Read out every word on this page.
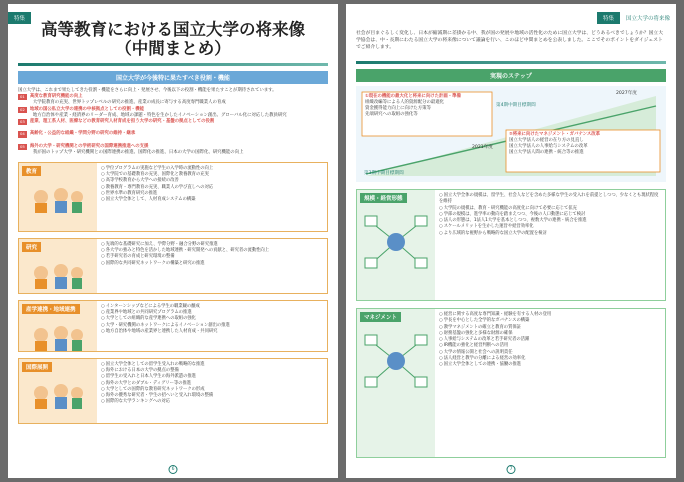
特集
高等教育における国立大学の将来像
（中間まとめ）
国立大学が今後特に果たすべき役割・機能
国立大学は、これまで果たしてきた役割・機能をさらに向上・発展させ、今後以下の役割・機能を果たすことが期待されています。
01	高度な教育研究機能の向上
大学院教育の充実、世界トップレベルの研究の推進、産業の成長に寄与する高度専門職業人の育成
02	地域の国公私立大学の連携の中核拠点としての役割・機能
地方自治体や産業・経済界のリーダー育成、地域の課題・特色を生かしたイノベーション創出、グローバル化に対応した教員研究
03	産業、理工系人材、医療などの教育研究人材育成を担う大学の研究・基盤の拠点としての役割

04	高齢化・公益的な組織・学問分野の研究の維持・継承

05	海外の大学・研究機関との学術研究の国際連携推進への支援
我が国のトップ大学・研究機関との国際連携の推進、国際化の推進、日本の大学の国際化、研究機能の向上
教育
○ 学位プログラムの実施など学生の入学時の流動性の向上
○ 大学院での基礎教育の充実、国際化と教養教育の充実
○ 高等学校教育から大学への接続の改善
○ 教養教育・専門教育の充実、職業人の学び直しへの対応
○ 世界水準の教育研究の推進
○ 国立大学全体として、人材育成システムの構築
研究
○ 先端的な基礎研究に加え、学際分野・融合分野の研究推進
○ 各大学の強みと特色を活かした地域連携・研究開発への貢献と、研究者の流動性向上
○ 若手研究者の育成と研究環境の整備
○ 国際的な共同研究ネットワークの構築と研究の推進
産学連携・地域連携
○ インターンシップなどによる学生の職業観の醸成
○ 産業界や地域との共同研究プログラムの推進
○ 大学としての組織的な産学連携への取組の強化
○ 大学・研究機関のネットワークによるイノベーション創出の推進
○ 地方自治体や地域の産業界と連携した人材育成・共同研究
国際展開
○ 国立大学全体としての留学生受入れの戦略的な推進
○ 海外における日本の大学の拠点の整備
○ 留学生の受入れと日本人学生の海外派遣の推進
○ 海外の大学とのダブル・ディグリー等の推進
○ 大学としての国際的な教育研究ネットワークの形成
○ 海外の優秀な研究者・学生の招へいと受入れ環境の整備
○ 国際的な大学ランキングへの対応
6
特集	国立大学の将来像
社会が目まぐるしく変化し、日本が縮減期に差掛かる中、我が国の発展や地域の活性化のために国立大学は、どうあるべきでしょうか？国立大学協会は、中・長期にわたる国立大学の将来像について議論を行い、このほど中間まとめを公表しました。ここでそのポイントをダイジェストでご紹介します。
実現のステップ
①現在の機能の最大化と将来に向けた計画・準備
組織改編等による人的資源配分の最適化
資金獲得能力向上に向けた方策等
先端研究への取組の強化等
第3期中期目標期間
2021年度
第4期中期目標期間
2027年度
②将来に向けたマネジメント・ガバナンス改革
国立大学法人の経営の在り方の見直し
国立大学法人の人事給与システムの改革
国立大学法人間の連携・統合等の推進
規模・経営形態
○ 国立大学全体の規模は、留学生、社会人などを含めた多様な学生の受入れを前提としつつ、少なくとも現状程度を維持
○ 大学院の規模は、教育・研究機能の高度化に向けて必要に応じて拡充
○ 学部の規模は、進学率の動向を踏まえつつ、今後の人口動態に応じて検討
○ 法人の形態は、1法人1大学を基本としつつ、複数大学の連携・統合を推進
○ スケールメリットを生かした運営や経営効率化
○ より広域的な視野から戦略的な国立大学の配置を検討
マネジメント
○ 経営に関する高度な専門知識・経験を有する人材の登用
○ 学長を中心とした全学的なガバナンスの構築
○ 教学マネジメントの確立と教育の質保証
○ 財務基盤の強化と多様な財源の確保
○ 人事給与システムの改革と若手研究者の活躍
○ IR機能の強化と経営判断への活用
○ 大学の情報公開と社会への説明責任
○ 法人経営と教学の分離による経営の効率化
○ 国立大学全体としての連携・協働の推進
7
